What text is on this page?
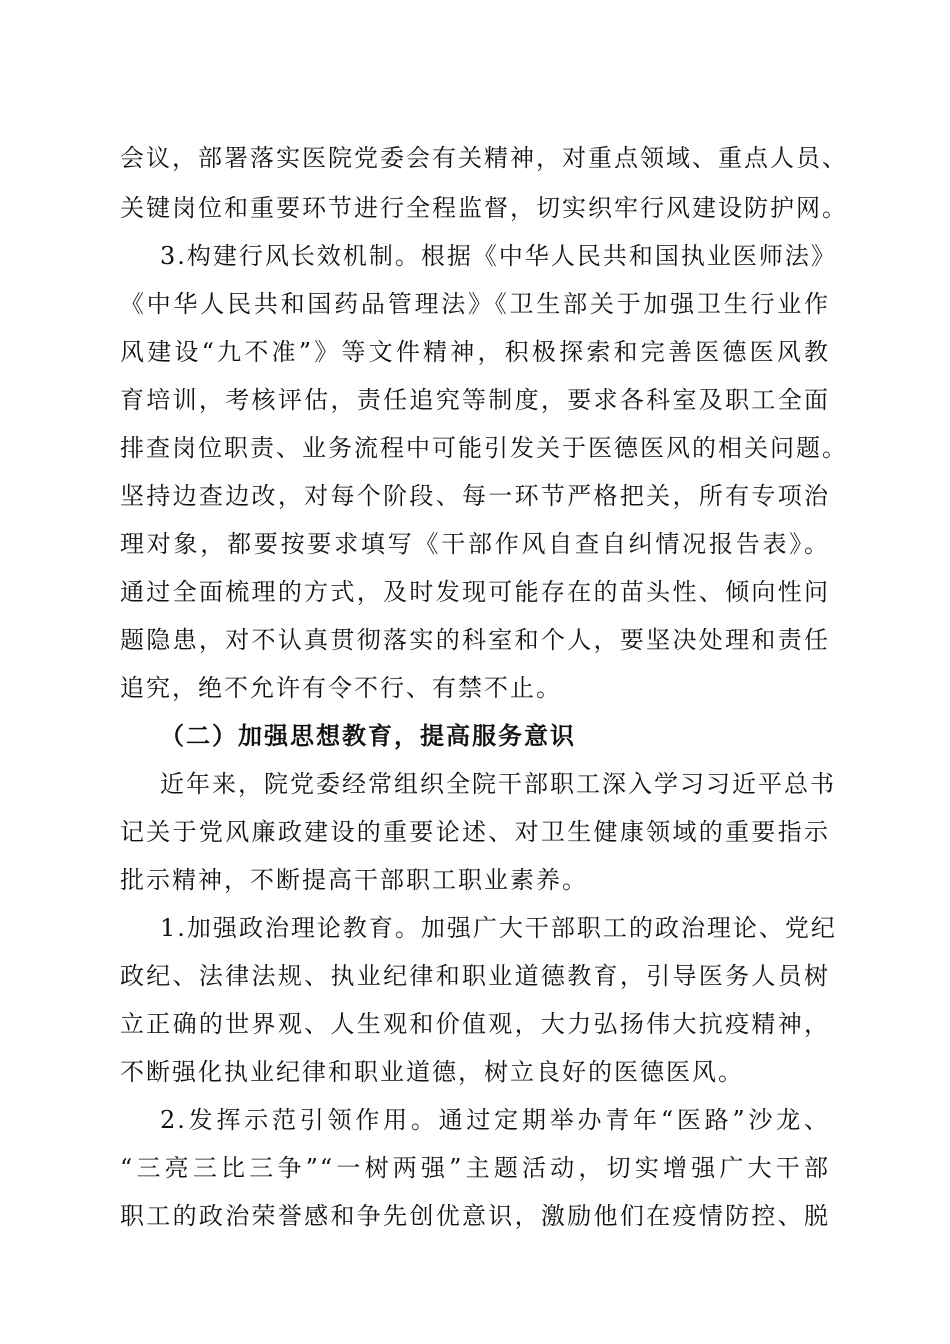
会议，部署落实医院党委会有关精神，对重点领域、重点人员、
关键岗位和重要环节进行全程监督，切实织牢行风建设防护网。
3.构建行风长效机制。根据《中华人民共和国执业医师法》
《中华人民共和国药品管理法》《卫生部关于加强卫生行业作
风建设“九不准”》等文件精神，积极探索和完善医德医风教
育培训，考核评估，责任追究等制度，要求各科室及职工全面
排查岗位职责、业务流程中可能引发关于医德医风的相关问题。
坚持边查边改，对每个阶段、每一环节严格把关，所有专项治
理对象，都要按要求填写《干部作风自查自纠情况报告表》。
通过全面梳理的方式，及时发现可能存在的苗头性、倾向性问
题隐患，对不认真贯彻落实的科室和个人，要坚决处理和责任
追究，绝不允许有令不行、有禁不止。
（二）加强思想教育，提高服务意识
近年来，院党委经常组织全院干部职工深入学习习近平总书
记关于党风廉政建设的重要论述、对卫生健康领域的重要指示
批示精神，不断提高干部职工职业素养。
1.加强政治理论教育。加强广大干部职工的政治理论、党纪
政纪、法律法规、执业纪律和职业道德教育，引导医务人员树
立正确的世界观、人生观和价值观，大力弘扬伟大抗疫精神，
不断强化执业纪律和职业道德，树立良好的医德医风。
2.发挥示范引领作用。通过定期举办青年“医路”沙龙、
“三亮三比三争”“一树两强”主题活动，切实增强广大干部
职工的政治荣誉感和争先创优意识，激励他们在疫情防控、脱
